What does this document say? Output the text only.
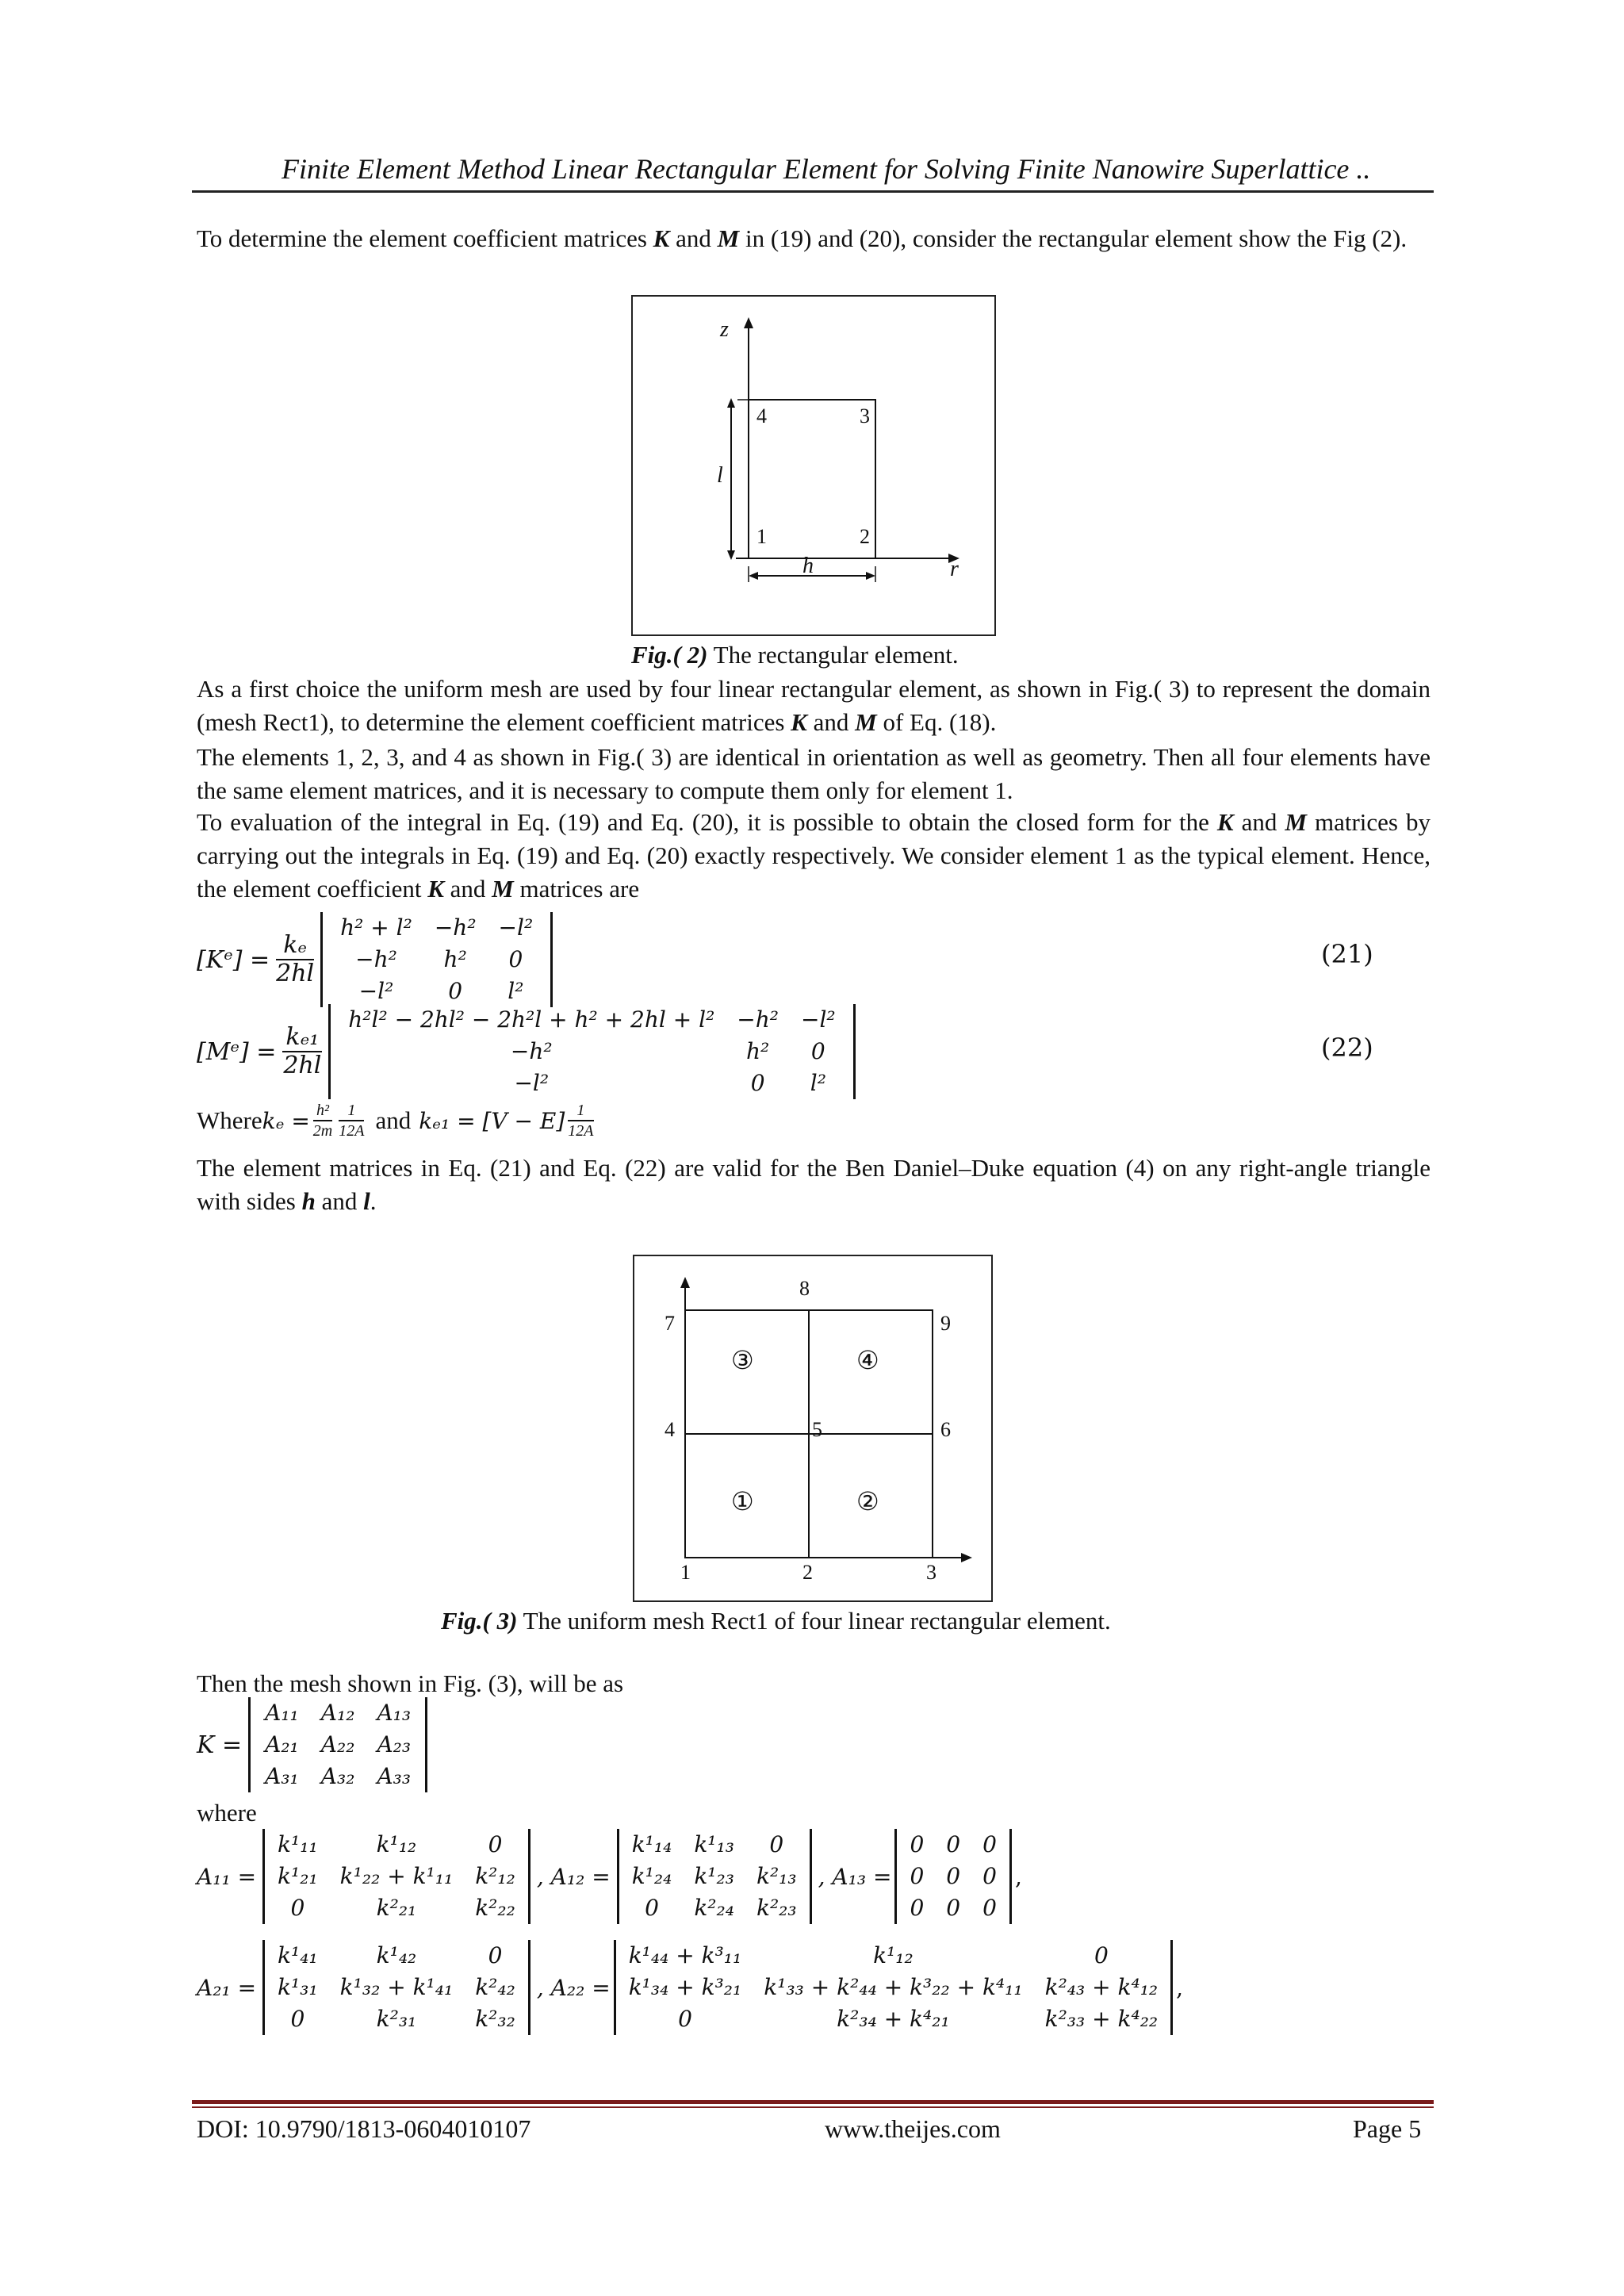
Finite Element Method Linear Rectangular Element for Solving Finite Nanowire Superlattice ..
To determine the element coefficient matrices K and M in (19) and (20), consider the rectangular element show the Fig (2).
z
r
4	3
1	2
l
h
Fig.( 2) The rectangular element.
As a first choice the uniform mesh are used by four linear rectangular element, as shown in Fig.( 3) to represent the domain (mesh Rect1), to determine the element coefficient matrices K and M of Eq. (18).
The elements 1, 2, 3, and 4 as shown in Fig.( 3) are identical in orientation as well as geometry. Then all four elements have the same element matrices, and it is necessary to compute them only for element 1.
To evaluation of the integral in Eq. (19) and Eq. (20), it is possible to obtain the closed form for the K and M matrices by carrying out the integrals in Eq. (19) and Eq. (20) exactly respectively. We consider element 1 as the typical element. Hence, the element coefficient K and M matrices are
[Kᵉ] = $\frac{\text{kₑ}}{2hl}$
h² + l²	−h²	−l²
−h²	h²	0
−l²	0	l²
(21)
[Mᵉ] = $\frac{\text{kₑ₁}}{2hl}$
h²l² − 2hl² − 2h²l + h² + 2hl + l²	−h²	−l²
−h²	h²	0
−l²	0	l²
(22)
Where $k_e = \frac{\text{h²}}{2m} \frac{1}{12A}$ and $k_{e1} = [V - E] \frac{1}{12A}$
The element matrices in Eq. (21) and Eq. (22) are valid for the Ben Daniel–Duke equation (4) on any right-angle triangle with sides h and l.
1	2	3
4	5	6
7
8
9
①	②
③	④
Fig.( 3) The uniform mesh Rect1 of four linear rectangular element.
Then the mesh shown in Fig. (3), will be as
K =
A₁₁	A₁₂	A₁₃
A₂₁	A₂₂	A₂₃
A₃₁	A₃₂	A₃₃
where
A₁₁ =
k¹₁₁	k¹₁₂	0
k¹₂₁	k¹₂₂ + k¹₁₁	k²₁₂
0	k²₂₁	k²₂₂
, A₁₂ =
k¹₁₄	k¹₁₃	0
k¹₂₄	k¹₂₃	k²₁₃
0	k²₂₄	k²₂₃
, A₁₃ =
0	0	0
0	0	0
0	0	0
,
A₂₁ =
k¹₄₁	k¹₄₂	0
k¹₃₁	k¹₃₂ + k¹₄₁	k²₄₂
0	k²₃₁	k²₃₂
, A₂₂ =
k¹₄₄ + k³₁₁	k¹₁₂	0
k¹₃₄ + k³₂₁	k¹₃₃ + k²₄₄ + k³₂₂ + k⁴₁₁	k²₄₃ + k⁴₁₂
0	k²₃₄ + k⁴₂₁	k²₃₃ + k⁴₂₂
,
DOI: 10.9790/1813-0604010107	www.theijes.com	Page 5
